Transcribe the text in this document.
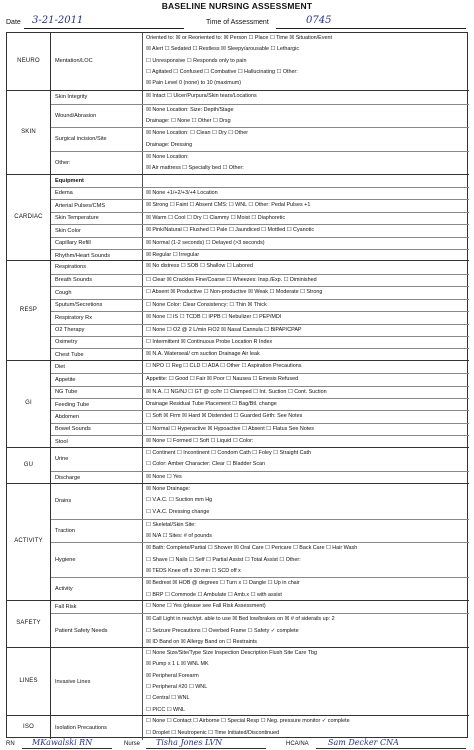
BASELINE NURSING ASSESSMENT
Date 3-21-2011	Time of Assessment	0745
NEURO	Mentation/LOC
Oriented to: ☒ or Reoriented to: ☒ Person ☐ Place ☐ Time ☒ Situation/Event
☒ Alert ☐ Sedated ☐ Restless ☒ Sleepy/arousable ☐ Lethargic
☐ Unresponsive ☐ Responds only to pain
☐ Agitated ☐ Confused ☐ Combative ☐ Hallucinating ☐ Other:
☒ Pain Level 0 (none) to 10 (maximum)
SKIN
Skin Integrity	☒ Intact ☐ Ulcer/Purpura/Skin tears/Locations
Wound/Abrasion
☒ None Location: Size: Depth/Stage
Drainage: ☐ None ☐ Other ☐ Drsg
Surgical incision/Site
☒ None Location: ☐ Clean ☐ Dry ☐ Other
Drainage: Dressing
Other:
☒ None Location:
☒ Air mattress ☐ Specialty bed ☐ Other:
CARDIAC
Equipment
Edema	☒ None +1/+2/+3/+4 Location
Arterial Pulses/CMS	☒ Strong ☐ Faint ☐ Absent CMS: ☐ WNL ☐ Other: Pedal Pulses +1
Skin Temperature	☒ Warm ☐ Cool ☐ Dry ☐ Clammy ☐ Moist ☐ Diaphoretic
Skin Color	☒ Pink/Natural ☐ Flushed ☐ Pale ☐ Jaundiced ☐ Mottled ☐ Cyanotic
Capillary Refill	☒ Normal (1-2 seconds) ☐ Delayed (>3 seconds)
Rhythm/Heart Sounds	☒ Regular ☐ Irregular
RESP
Respirations	☒ No distress ☐ SOB ☐ Shallow ☐ Labored
Breath Sounds	☐ Clear ☒ Crackles Fine/Coarse ☐ Wheezes: Insp./Exp. ☐ Diminished
Cough	☐ Absent ☒ Productive ☐ Non-productive ☒ Weak ☐ Moderate ☐ Strong
Sputum/Secretions	☐ None Color: Clear Consistency: ☐ Thin ☒ Thick
Respiratory Rx	☒ None ☐ IS ☐ TCDB ☐ IPPB ☐ Nebulizer ☐ PEP/MDI
O2 Therapy	☐ None ☐ O2 @ 2 L/min FiO2 ☒ Nasal Cannula ☐ BiPAP/CPAP
Oximetry	☐ Intermittent ☒ Continuous Probe Location R Index
Chest Tube	☒ N.A. Waterseal/ cm suction Drainage Air leak
GI
Diet	☐ NPO ☐ Reg ☐ CLD ☐ ADA ☐ Other ☐ Aspiration Precautions
Appetite	Appetite: ☐ Good ☐ Fair ☒ Poor ☐ Nausea ☐ Emesis Refused
NG Tube	☒ N.A. ☐ NG/NJ ☐ GT @ cc/hr ☐ Clamped ☐ Int. Suction ☐ Cont. Suction
Feeding Tube	Drainage Residual Tube Placement ☐ Bag/Btl. change
Abdomen	☐ Soft ☒ Firm ☒ Hard ☒ Distended ☐ Guarded Girth: See Notes
Bowel Sounds	☐ Normal ☐ Hyperactive ☒ Hypoactive ☐ Absent ☐ Flatus See Notes
Stool	☒ None ☐ Formed ☐ Soft ☐ Liquid ☐ Color:
GU
Urine
☐ Continent ☐ Incontinent ☐ Condom Cath ☐ Foley ☐ Straight Cath
☐ Color: Amber Character: Clear ☐ Bladder Scan
Discharge	☒ None ☐ Yes
ACTIVITY
Drains
☒ None Drainage:
☐ V.A.C. ☐ Suction mm Hg
☐ V.A.C. Dressing change
Traction
☐ Skeletal/Skin Site:
☒ N/A ☐ Sites: # of pounds
Hygiene
☒ Bath: Complete/Partial ☐ Shower ☒ Oral Care ☐ Pericare ☐ Back Care ☐ Hair Wash
☐ Shave ☐ Nails ☐ Self ☐ Partial Assist ☐ Total Assist ☐ Other:
☒ TEDS Knee off x 30 min ☐ SCD off x
Activity
☒ Bedrest ☒ HOB @ degrees ☐ Turn x ☐ Dangle ☐ Up in chair
☐ BRP ☐ Commode ☐ Ambulate ☐ Amb.x ☐ with assist
SAFETY
Fall Risk	☐ None ☐ Yes (please see Fall Risk Assessment)
Patient Safety Needs
☒ Call Light in reach/pt. able to use ☒ Bed low/brakes on ☒ # of siderails up: 2
☐ Seizure Precautions ☐ Overbed Frame ☐ Safety ✓ complete
☒ ID Band on ☒ Allergy Band on ☐ Restraints
LINES	Invasive Lines
☐ None Size/Site/Type Size Inspection Description Flush Site Care Tbg
☒ Pump x 1 L ☒ WNL MK
☒ Peripheral Forearm
☐ Peripheral #20 ☐ WNL
☐ Central ☐ WNL
☐ PICC ☐ WNL
ISO	Isolation Precautions
☐ None ☐ Contact ☐ Airborne ☐ Special Resp ☐ Neg. pressure monitor ✓ complete
☐ Droplet ☐ Neutropenic ☐ Time Initiated/Discontinued
RN MKawalski RN	Nurse Tisha Jones LVN	HCA/NA Sam Decker CNA
